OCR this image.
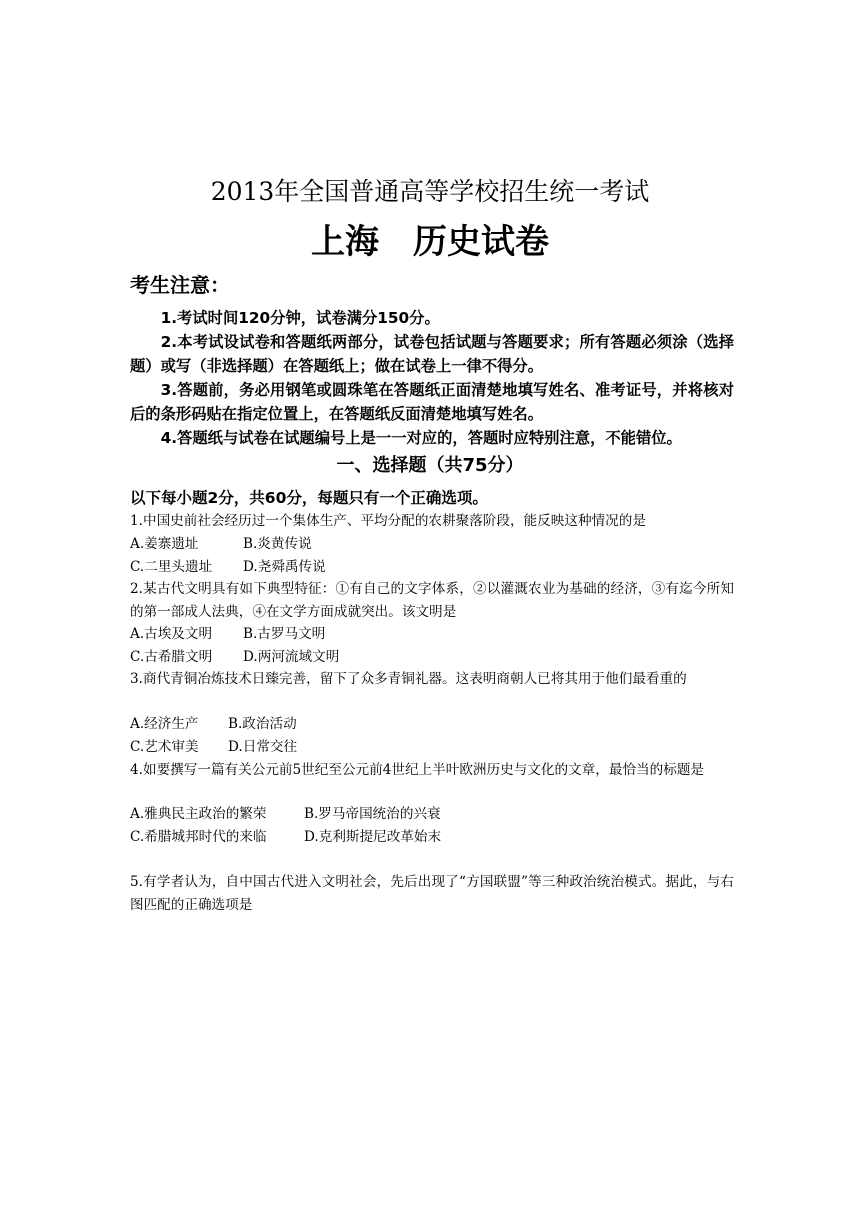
2013年全国普通高等学校招生统一考试
上海　历史试卷
考生注意：

1.考试时间120分钟，试卷满分150分。

2.本考试设试卷和答题纸两部分，试卷包括试题与答题要求；所有答题必须涂（选择题）或写（非选择题）在答题纸上；做在试卷上一律不得分。

3.答题前，务必用钢笔或圆珠笔在答题纸正面清楚地填写姓名、准考证号，并将核对后的条形码贴在指定位置上，在答题纸反面清楚地填写姓名。

4.答题纸与试卷在试题编号上是一一对应的，答题时应特别注意，不能错位。

一、选择题（共75分）
以下每小题2分，共60分，每题只有一个正确选项。
1.中国史前社会经历过一个集体生产、平均分配的农耕聚落阶段，能反映这种情况的是
A.姜寨遗址	B.炎黄传说
C.二里头遗址 D.尧舜禹传说
2.某古代文明具有如下典型特征：①有自己的文字体系，②以灌溉农业为基础的经济，③有迄今所知的第一部成人法典，④在文学方面成就突出。该文明是
A.古埃及文明 B.古罗马文明
C.古希腊文明 D.两河流域文明
3.商代青铜冶炼技术日臻完善，留下了众多青铜礼器。这表明商朝人已将其用于他们最看重的
A.经济生产 B.政治活动
C.艺术审美 D.日常交往
4.如要撰写一篇有关公元前5世纪至公元前4世纪上半叶欧洲历史与文化的文章，最恰当的标题是
A.雅典民主政治的繁荣	B.罗马帝国统治的兴衰
C.希腊城邦时代的来临	D.克利斯提尼改革始末
5.有学者认为，自中国古代进入文明社会，先后出现了“方国联盟”等三种政治统治模式。据此，与右图匹配的正确选项是
